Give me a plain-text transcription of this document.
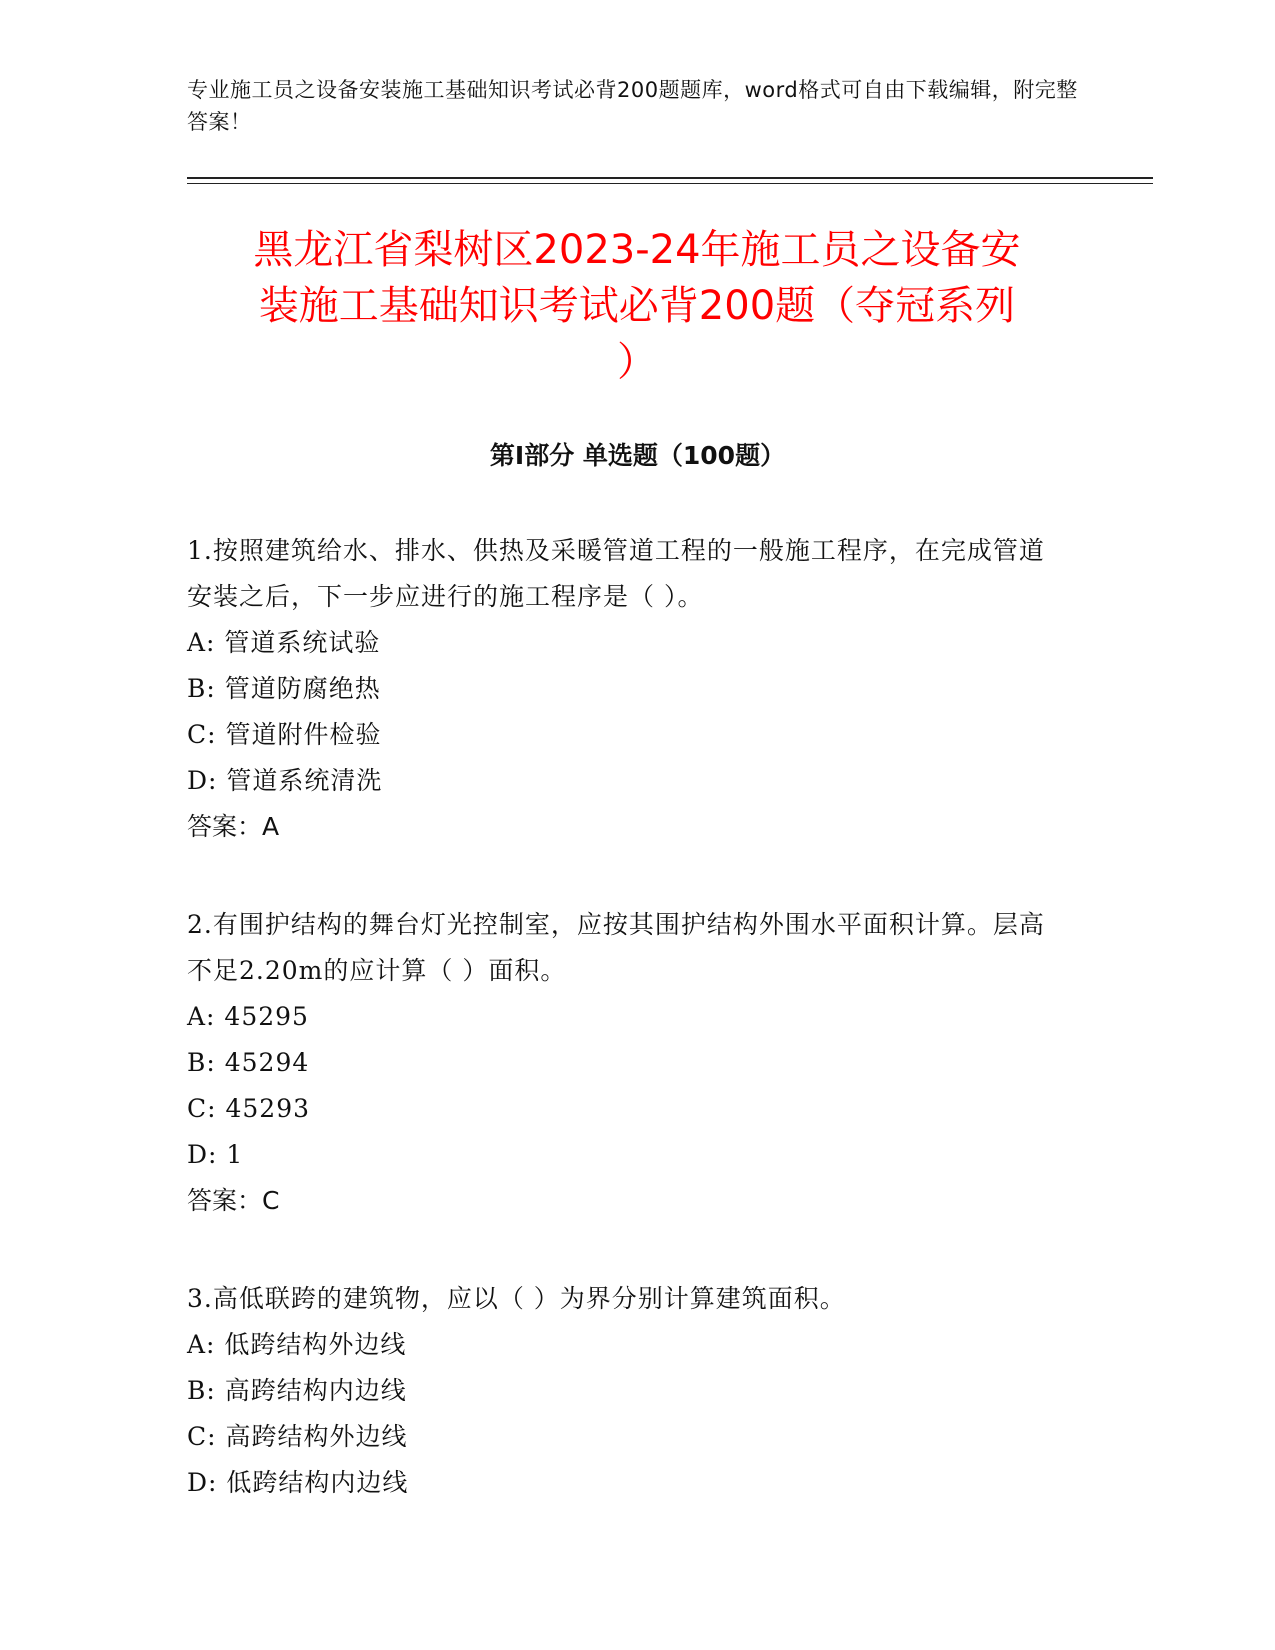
专业施工员之设备安装施工基础知识考试必背200题题库，word格式可自由下载编辑，附完整答案！
黑龙江省梨树区2023-24年施工员之设备安
装施工基础知识考试必背200题（夺冠系列
）
第I部分 单选题（100题）
1.按照建筑给水、排水、供热及采暖管道工程的一般施工程序，在完成管道安装之后，下一步应进行的施工程序是（ ）。
A: 管道系统试验
B: 管道防腐绝热
C: 管道附件检验
D: 管道系统清洗
答案：A
2.有围护结构的舞台灯光控制室，应按其围护结构外围水平面积计算。层高不足2.20m的应计算（ ）面积。
A: 45295
B: 45294
C: 45293
D: 1
答案：C
3.高低联跨的建筑物，应以（ ）为界分别计算建筑面积。
A: 低跨结构外边线
B: 高跨结构内边线
C: 高跨结构外边线
D: 低跨结构内边线
